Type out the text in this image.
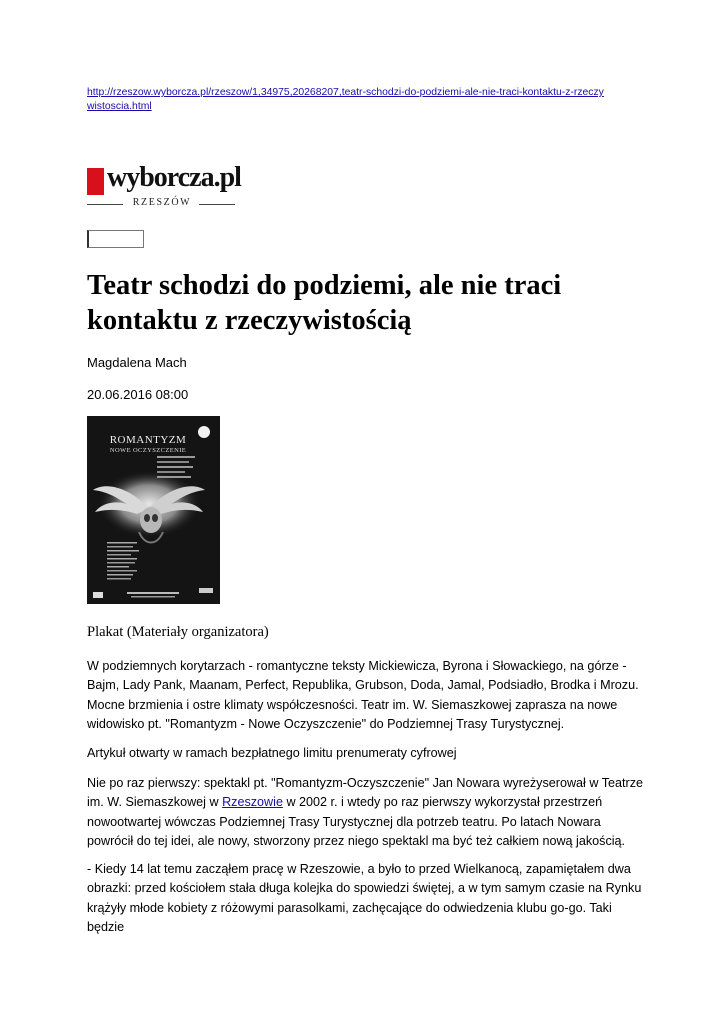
http://rzeszow.wyborcza.pl/rzeszow/1,34975,20268207,teatr-schodzi-do-podziemi-ale-nie-traci-kontaktu-z-rzeczywistoscia.html
wyborcza.pl
RZESZÓW
Teatr schodzi do podziemi, ale nie traci kontaktu z rzeczywistością
Magdalena Mach
20.06.2016 08:00
ROMANTYZM
NOWE OCZYSZCZENIE
Plakat (Materiały organizatora)

W podziemnych korytarzach - romantyczne teksty Mickiewicza, Byrona i Słowackiego, na górze - Bajm, Lady Pank, Maanam, Perfect, Republika, Grubson, Doda, Jamal, Podsiadło, Brodka i Mrozu. Mocne brzmienia i ostre klimaty współczesności. Teatr im. W. Siemaszkowej zaprasza na nowe widowisko pt. "Romantyzm - Nowe Oczyszczenie" do Podziemnej Trasy Turystycznej.

Artykuł otwarty w ramach bezpłatnego limitu prenumeraty cyfrowej

Nie po raz pierwszy: spektakl pt. "Romantyzm-Oczyszczenie" Jan Nowara wyreżyserował w Teatrze im. W. Siemaszkowej w Rzeszowie w 2002 r. i wtedy po raz pierwszy wykorzystał przestrzeń nowootwartej wówczas Podziemnej Trasy Turystycznej dla potrzeb teatru. Po latach Nowara powrócił do tej idei, ale nowy, stworzony przez niego spektakl ma być też całkiem nową jakością.

- Kiedy 14 lat temu zacząłem pracę w Rzeszowie, a było to przed Wielkanocą, zapamiętałem dwa obrazki: przed kościołem stała długa kolejka do spowiedzi świętej, a w tym samym czasie na Rynku krążyły młode kobiety z różowymi parasolkami, zachęcające do odwiedzenia klubu go-go. Taki będzie
